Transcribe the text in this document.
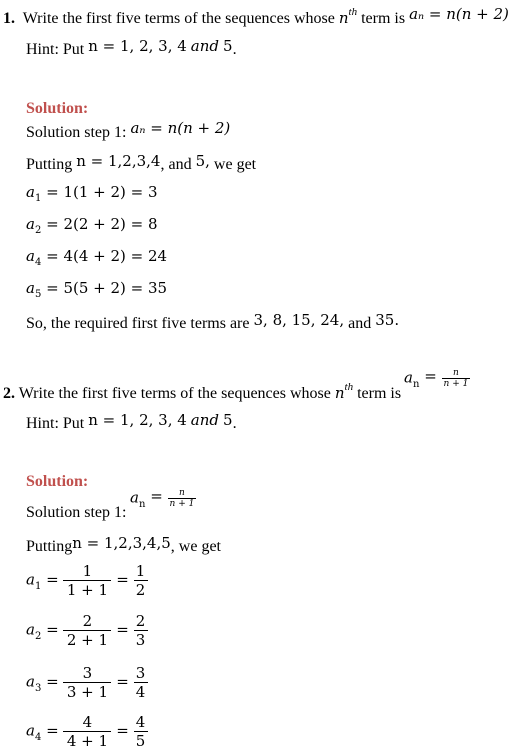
1. Write the first five terms of the sequences whose $n^{th}$ term is aₙ = n(n + 2)
Hint: Put n = 1, 2, 3, 4 and 5.
Solution:
Solution step 1: aₙ = n(n + 2)
Putting n = 1,2,3,4, and 5, we get
$a_1 = 1(1 + 2) = 3$
$a_2 = 2(2 + 2) = 8$
$a_4 = 4(4 + 2) = 24$
$a_5 = 5(5 + 2) = 35$
So, the required first five terms are 3, 8, 15, 24, and 35.
2. Write the first five terms of the sequences whose $n^{th}$ term is
$a_n = \frac{n}{n + 1}$
Hint: Put n = 1, 2, 3, 4 and 5.
Solution:
Solution step 1:
$a_n = \frac{n}{n + 1}$
Puttingn = 1,2,3,4,5, we get
$a_1 = \frac{1}{1 + 1} = \frac{1}{2}$
$a_2 = \frac{2}{2 + 1} = \frac{2}{3}$
$a_3 = \frac{3}{3 + 1} = \frac{3}{4}$
$a_4 = \frac{4}{4 + 1} = \frac{4}{5}$
